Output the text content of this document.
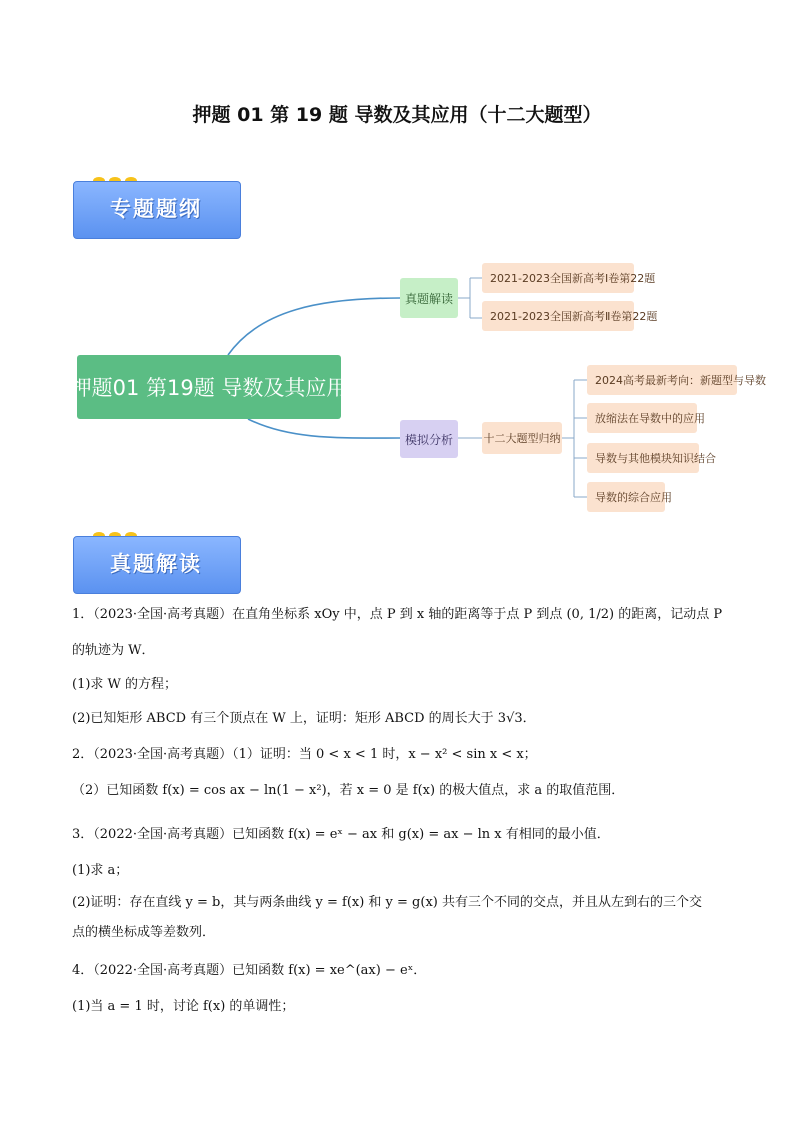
押题 01 第 19 题 导数及其应用（十二大题型）
专题题纲
押题01 第19题 导数及其应用
真题解读
2021-2023全国新高考Ⅰ卷第22题
2021-2023全国新高考Ⅱ卷第22题
模拟分析	十二大题型归纳
2024高考最新考向：新题型与导数
放缩法在导数中的应用
导数与其他模块知识结合
导数的综合应用
真题解读

1．（2023·全国·高考真题）在直角坐标系 xOy 中，点 P 到 x 轴的距离等于点 P 到点 (0, 1/2) 的距离，记动点 P

的轨迹为 W．

(1)求 W 的方程；

(2)已知矩形 ABCD 有三个顶点在 W 上，证明：矩形 ABCD 的周长大于 3√3．

2．（2023·全国·高考真题）（1）证明：当 0 < x < 1 时，x − x² < sin x < x；

（2）已知函数 f(x) = cos ax − ln(1 − x²)，若 x = 0 是 f(x) 的极大值点，求 a 的取值范围．

3．（2022·全国·高考真题）已知函数 f(x) = eˣ − ax 和 g(x) = ax − ln x 有相同的最小值．

(1)求 a；

(2)证明：存在直线 y = b，其与两条曲线 y = f(x) 和 y = g(x) 共有三个不同的交点，并且从左到右的三个交

点的横坐标成等差数列．

4．（2022·全国·高考真题）已知函数 f(x) = xe^(ax) − eˣ．

(1)当 a = 1 时，讨论 f(x) 的单调性；
